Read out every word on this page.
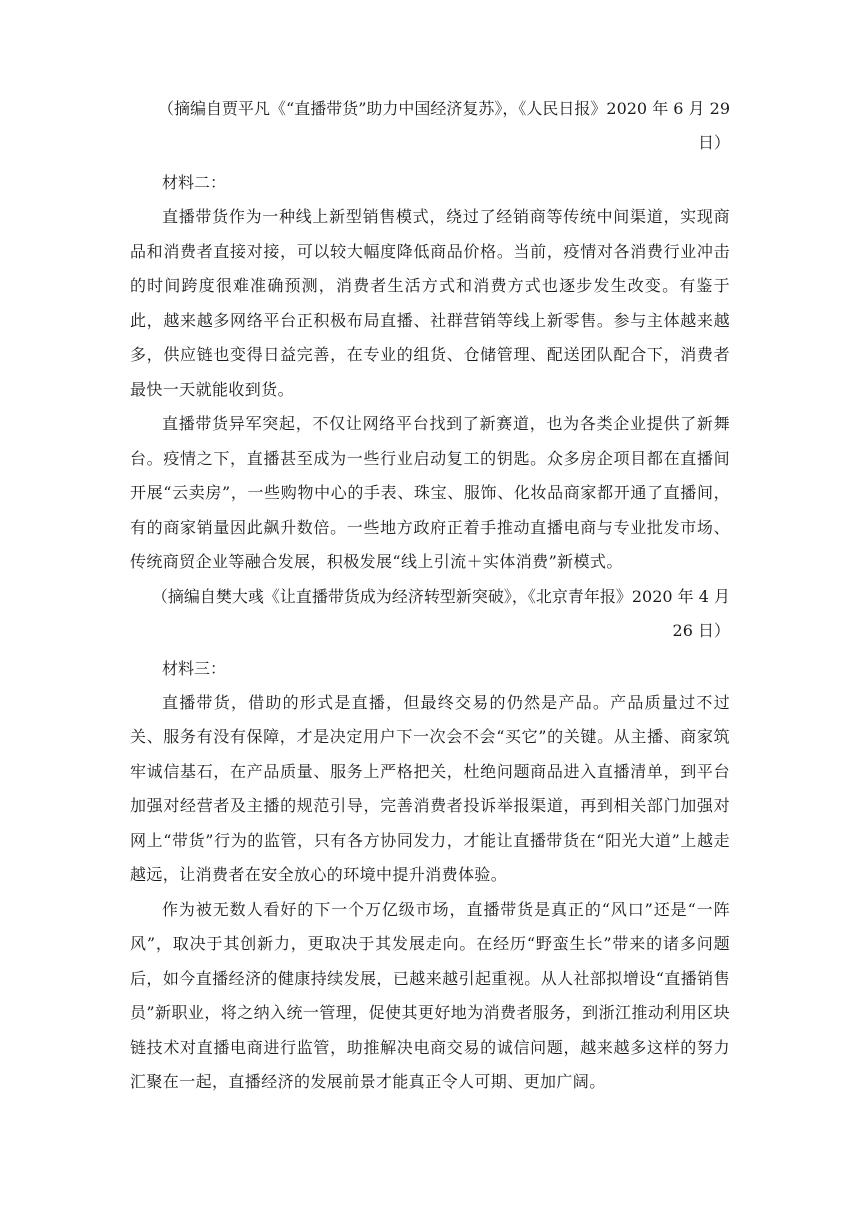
（摘编自贾平凡《“直播带货”助力中国经济复苏》，《人民日报》2020 年 6 月 29 日）

材料二：

直播带货作为一种线上新型销售模式，绕过了经销商等传统中间渠道，实现商品和消费者直接对接，可以较大幅度降低商品价格。当前，疫情对各消费行业冲击的时间跨度很难准确预测，消费者生活方式和消费方式也逐步发生改变。有鉴于此，越来越多网络平台正积极布局直播、社群营销等线上新零售。参与主体越来越多，供应链也变得日益完善，在专业的组货、仓储管理、配送团队配合下，消费者最快一天就能收到货。

直播带货异军突起，不仅让网络平台找到了新赛道，也为各类企业提供了新舞台。疫情之下，直播甚至成为一些行业启动复工的钥匙。众多房企项目都在直播间开展“云卖房”，一些购物中心的手表、珠宝、服饰、化妆品商家都开通了直播间，有的商家销量因此飙升数倍。一些地方政府正着手推动直播电商与专业批发市场、传统商贸企业等融合发展，积极发展“线上引流＋实体消费”新模式。

（摘编自樊大彧《让直播带货成为经济转型新突破》，《北京青年报》2020 年 4 月 26 日）

材料三：

直播带货，借助的形式是直播，但最终交易的仍然是产品。产品质量过不过关、服务有没有保障，才是决定用户下一次会不会“买它”的关键。从主播、商家筑牢诚信基石，在产品质量、服务上严格把关，杜绝问题商品进入直播清单，到平台加强对经营者及主播的规范引导，完善消费者投诉举报渠道，再到相关部门加强对网上“带货”行为的监管，只有各方协同发力，才能让直播带货在“阳光大道”上越走越远，让消费者在安全放心的环境中提升消费体验。

作为被无数人看好的下一个万亿级市场，直播带货是真正的“风口”还是“一阵风”，取决于其创新力，更取决于其发展走向。在经历“野蛮生长”带来的诸多问题后，如今直播经济的健康持续发展，已越来越引起重视。从人社部拟增设“直播销售员”新职业，将之纳入统一管理，促使其更好地为消费者服务，到浙江推动利用区块链技术对直播电商进行监管，助推解决电商交易的诚信问题，越来越多这样的努力汇聚在一起，直播经济的发展前景才能真正令人可期、更加广阔。
